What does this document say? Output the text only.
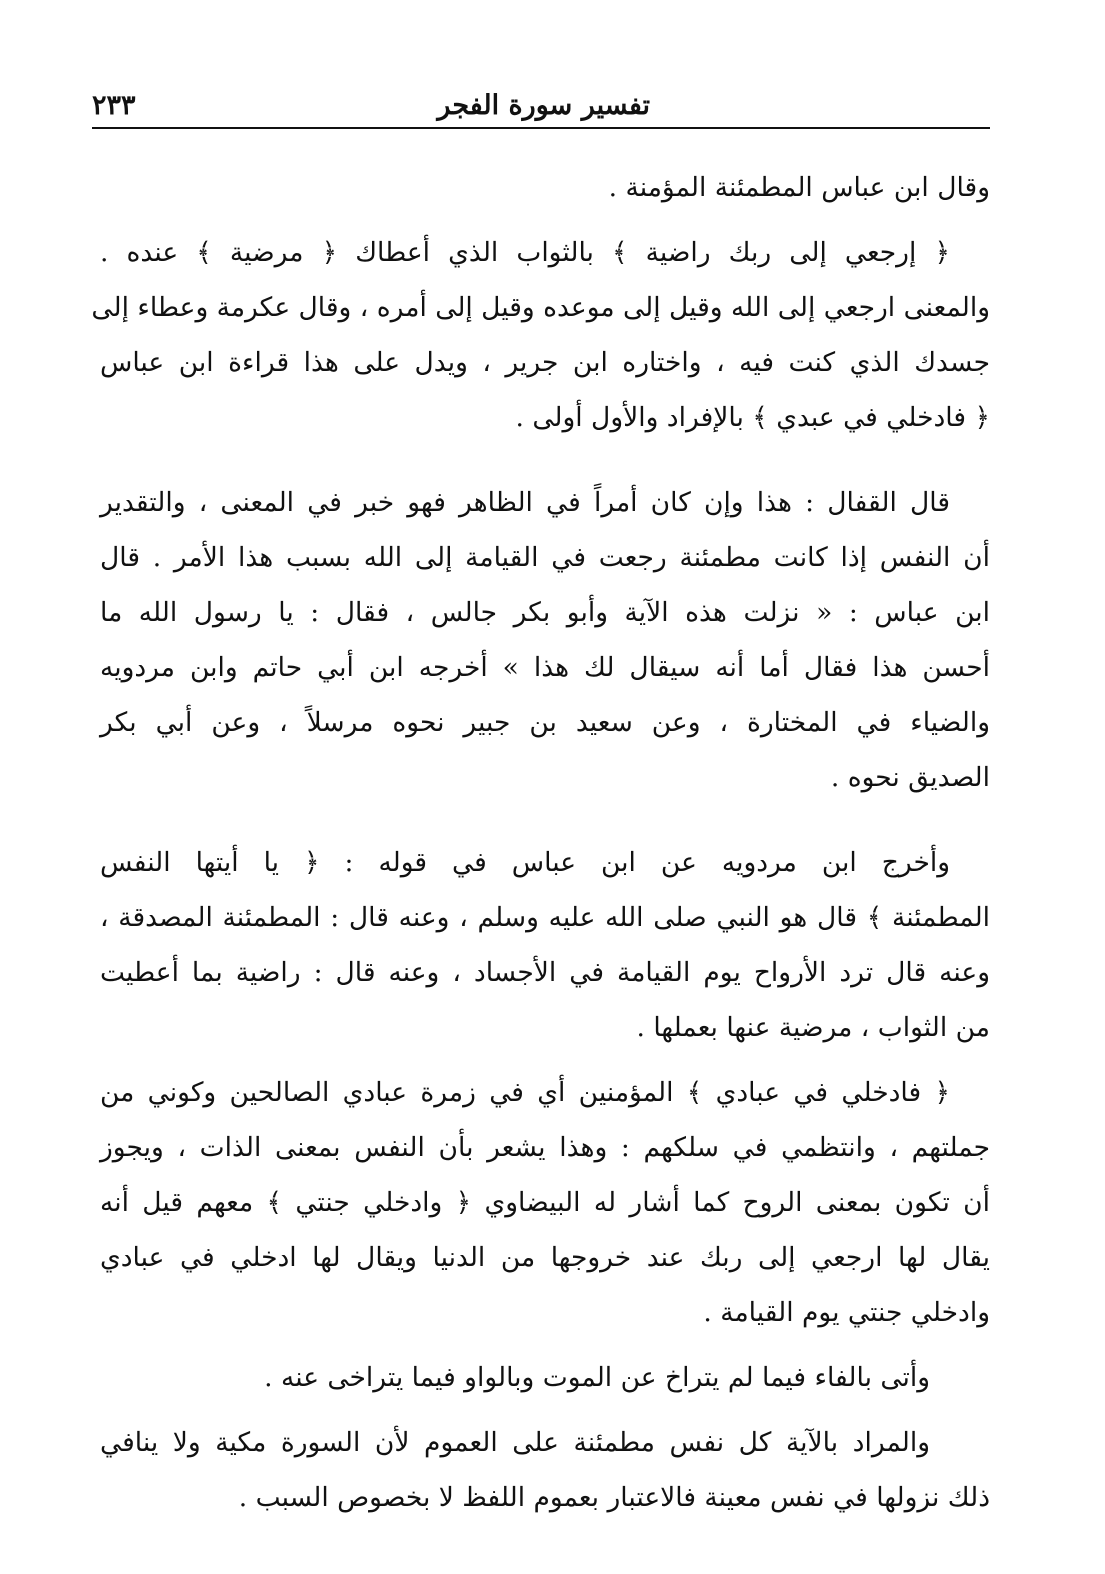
تفسير سورة الفجر
٢٣٣
وقال ابن عباس المطمئنة المؤمنة .
﴿ إرجعي إلى ربك راضية ﴾ بالثواب الذي أعطاك ﴿ مرضية ﴾ عنده .
والمعنى ارجعي إلى الله وقيل إلى موعده وقيل إلى أمره ، وقال عكرمة وعطاء إلى
جسدك الذي كنت فيه ، واختاره ابن جرير ، ويدل على هذا قراءة ابن عباس
﴿ فادخلي في عبدي ﴾ بالإفراد والأول أولى .
قال القفال : هذا وإن كان أمراً في الظاهر فهو خبر في المعنى ، والتقدير
أن النفس إذا كانت مطمئنة رجعت في القيامة إلى الله بسبب هذا الأمر . قال
ابن عباس : « نزلت هذه الآية وأبو بكر جالس ، فقال : يا رسول الله ما
أحسن هذا فقال أما أنه سيقال لك هذا » أخرجه ابن أبي حاتم وابن مردويه
والضياء في المختارة ، وعن سعيد بن جبير نحوه مرسلاً ، وعن أبي بكر
الصديق نحوه .
وأخرج ابن مردويه عن ابن عباس في قوله : ﴿ يا أيتها النفس
المطمئنة ﴾ قال هو النبي صلى الله عليه وسلم ، وعنه قال : المطمئنة المصدقة ،
وعنه قال ترد الأرواح يوم القيامة في الأجساد ، وعنه قال : راضية بما أعطيت
من الثواب ، مرضية عنها بعملها .
﴿ فادخلي في عبادي ﴾ المؤمنين أي في زمرة عبادي الصالحين وكوني من
جملتهم ، وانتظمي في سلكهم : وهذا يشعر بأن النفس بمعنى الذات ، ويجوز
أن تكون بمعنى الروح كما أشار له البيضاوي ﴿ وادخلي جنتي ﴾ معهم قيل أنه
يقال لها ارجعي إلى ربك عند خروجها من الدنيا ويقال لها ادخلي في عبادي
وادخلي جنتي يوم القيامة .
وأتى بالفاء فيما لم يتراخ عن الموت وبالواو فيما يتراخى عنه .
والمراد بالآية كل نفس مطمئنة على العموم لأن السورة مكية ولا ينافي
ذلك نزولها في نفس معينة فالاعتبار بعموم اللفظ لا بخصوص السبب .
